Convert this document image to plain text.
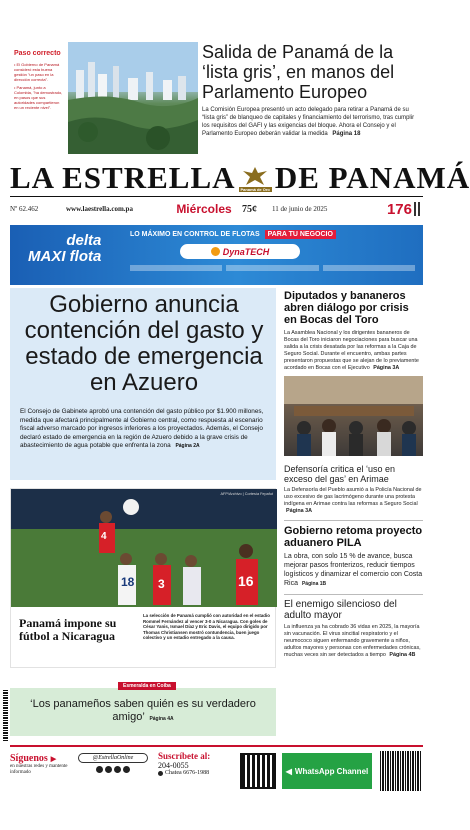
Paso correcto
• El Gobierno de Panamá consideró esta buena gestión "un paso en la dirección correcta".
• Panamá, junto a Colombia, "ha demostrado, en pasos que sus autoridades compartieron en un reciente nivel".
Salida de Panamá de la ‘lista gris’, en manos del Parlamento Europeo
La Comisión Europea presentó un acto delegado para retirar a Panamá de su “lista gris” de blanqueo de capitales y financiamiento del terrorismo, tras cumplir los requisitos del GAFI y las exigencias del bloque. Ahora el Consejo y el Parlamento Europeo deberán validar la medida Página 18
LA ESTRELLA	Panamá de Oro DE PANAMÁ
Nº 62.462	www.laestrella.com.pa	Miércoles	75¢	11 de junio de 2025	176
delta
MAXI flota
LO MÁXIMO EN CONTROL DE FLOTAS PARA TU NEGOCIO
DynaTECH
Gobierno anuncia contención del gasto y estado de emergencia en Azuero
El Consejo de Gabinete aprobó una contención del gasto público por $1.900 millones, medida que afectará principalmente al Gobierno central, como respuesta al escenario fiscal adverso marcado por ingresos inferiores a los proyectados. Además, el Consejo declaró estado de emergencia en la región de Azuero debido a la grave crisis de abastecimiento de agua potable que enfrenta la zona Página 2A
Diputados y bananeros abren diálogo por crisis en Bocas del Toro
La Asamblea Nacional y los dirigentes bananeros de Bocas del Toro iniciaron negociaciones para buscar una salida a la crisis desatada por las reformas a la Caja de Seguro Social. Durante el encuentro, ambas partes presentaron propuestas que se alejan de lo previamente acordado en Bocas con el Ejecutivo Página 3A
Defensoría critica el ‘uso en exceso del gas’ en Arimae
La Defensoría del Pueblo asumió a la Policía Nacional de uso excesivo de gas lacrimógeno durante una protesta indígena en Arimae contra las reformas a Seguro Social Página 3A
Gobierno retoma proyecto aduanero PILA
La obra, con solo 15 % de avance, busca mejorar pasos fronterizos, reducir tiempos logísticos y dinamizar el comercio con Costa Rica Página 1B
El enemigo silencioso del adulto mayor
La influenza ya ha cobrado 36 vidas en 2025, la mayoría sin vacunación. El virus sincitial respiratorio y el neumococo siguen enfermando gravemente a niños, adultos mayores y personas con enfermedades crónicas, muchas veces sin ser detectados a tiempo Página 4B
AFP/Archivo | Cortesía Fepafut
4
18 3	16
Panamá impone su fútbol a Nicaragua
La selección de Panamá cumplió con autoridad en el estadio Rommel Fernández al vencer 3-0 a Nicaragua. Con goles de César Yanis, Ismael Díaz y Eric Davis, el equipo dirigido por Thomas Christiansen mostró contundencia, buen juego colectivo y un estadio entregado a la causa.
Esmeralda en Coiba
‘Los panameños saben quién es su verdadero amigo’ Página 4A
Síguenos ▶
en nuestras redes y mantente informado
@EstrellaOnline	Suscríbete al:
204-0055
Chatea 6676-1988	◀ WhatsApp Channel
